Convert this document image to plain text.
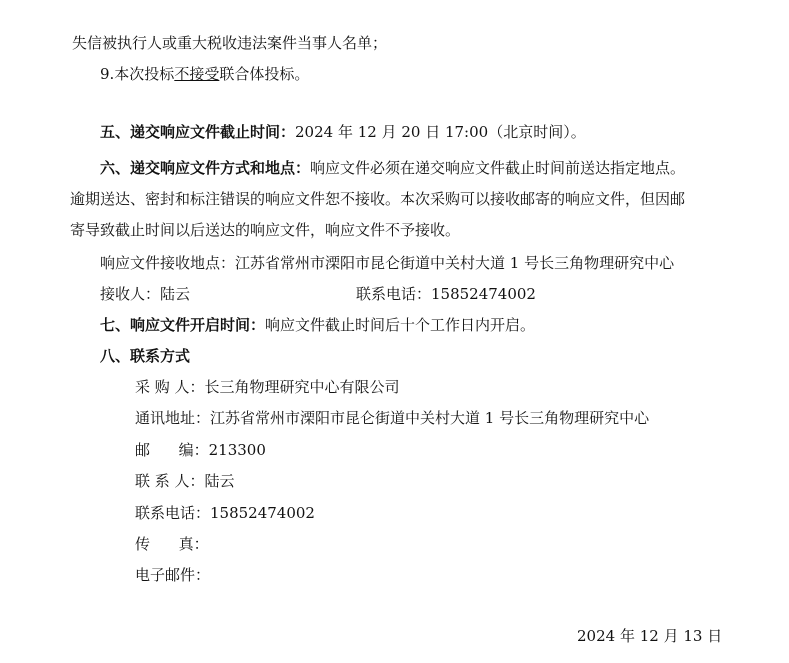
失信被执行人或重大税收违法案件当事人名单；
9.本次投标不接受联合体投标。
五、递交响应文件截止时间：2024 年 12 月 20 日 17:00（北京时间）。
六、递交响应文件方式和地点：响应文件必须在递交响应文件截止时间前送达指定地点。
逾期送达、密封和标注错误的响应文件恕不接收。本次采购可以接收邮寄的响应文件，但因邮
寄导致截止时间以后送达的响应文件，响应文件不予接收。
响应文件接收地点：江苏省常州市溧阳市昆仑街道中关村大道 1 号长三角物理研究中心
接收人：陆云	联系电话：15852474002
七、响应文件开启时间：响应文件截止时间后十个工作日内开启。
八、联系方式
采 购 人：长三角物理研究中心有限公司
通讯地址：江苏省常州市溧阳市昆仑街道中关村大道 1 号长三角物理研究中心
邮      编：213300
联 系 人：陆云
联系电话：15852474002
传      真：
电子邮件：
2024 年 12 月 13 日
